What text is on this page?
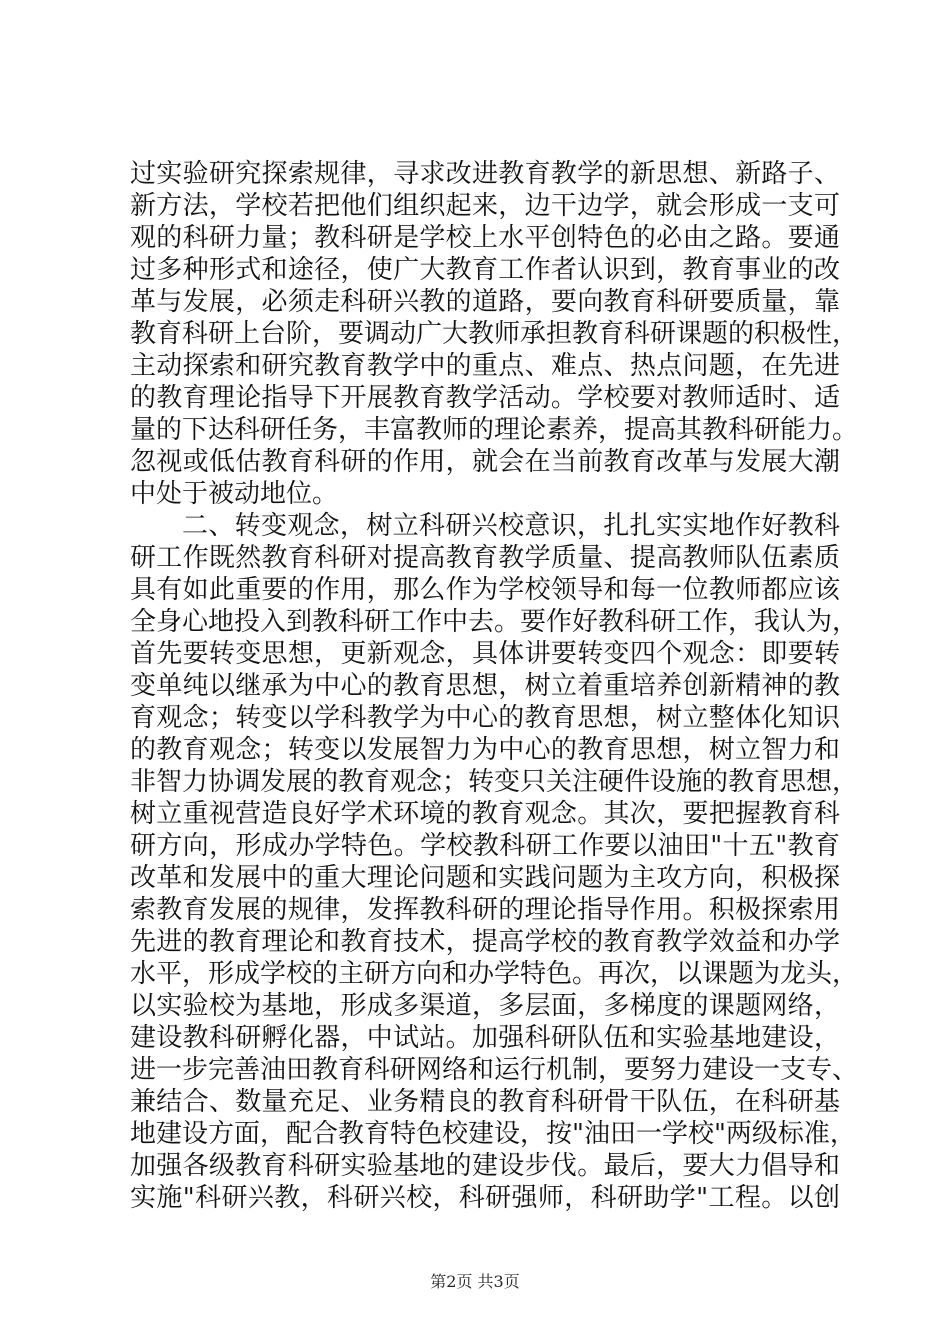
过实验研究探索规律，寻求改进教育教学的新思想、新路子、
新方法，学校若把他们组织起来，边干边学，就会形成一支可
观的科研力量；教科研是学校上水平创特色的必由之路。要通
过多种形式和途径，使广大教育工作者认识到，教育事业的改
革与发展，必须走科研兴教的道路，要向教育科研要质量，靠
教育科研上台阶，要调动广大教师承担教育科研课题的积极性，
主动探索和研究教育教学中的重点、难点、热点问题，在先进
的教育理论指导下开展教育教学活动。学校要对教师适时、适
量的下达科研任务，丰富教师的理论素养，提高其教科研能力。
忽视或低估教育科研的作用，就会在当前教育改革与发展大潮
中处于被动地位。
二、转变观念，树立科研兴校意识，扎扎实实地作好教科
研工作既然教育科研对提高教育教学质量、提高教师队伍素质
具有如此重要的作用，那么作为学校领导和每一位教师都应该
全身心地投入到教科研工作中去。要作好教科研工作，我认为，
首先要转变思想，更新观念，具体讲要转变四个观念：即要转
变单纯以继承为中心的教育思想，树立着重培养创新精神的教
育观念；转变以学科教学为中心的教育思想，树立整体化知识
的教育观念；转变以发展智力为中心的教育思想，树立智力和
非智力协调发展的教育观念；转变只关注硬件设施的教育思想，
树立重视营造良好学术环境的教育观念。其次，要把握教育科
研方向，形成办学特色。学校教科研工作要以油田"十五"教育
改革和发展中的重大理论问题和实践问题为主攻方向，积极探
索教育发展的规律，发挥教科研的理论指导作用。积极探索用
先进的教育理论和教育技术，提高学校的教育教学效益和办学
水平，形成学校的主研方向和办学特色。再次，以课题为龙头，
以实验校为基地，形成多渠道，多层面，多梯度的课题网络，
建设教科研孵化器，中试站。加强科研队伍和实验基地建设，
进一步完善油田教育科研网络和运行机制，要努力建设一支专、
兼结合、数量充足、业务精良的教育科研骨干队伍，在科研基
地建设方面，配合教育特色校建设，按"油田一学校"两级标准，
加强各级教育科研实验基地的建设步伐。最后，要大力倡导和
实施"科研兴教，科研兴校，科研强师，科研助学"工程。以创
第2页 共3页
